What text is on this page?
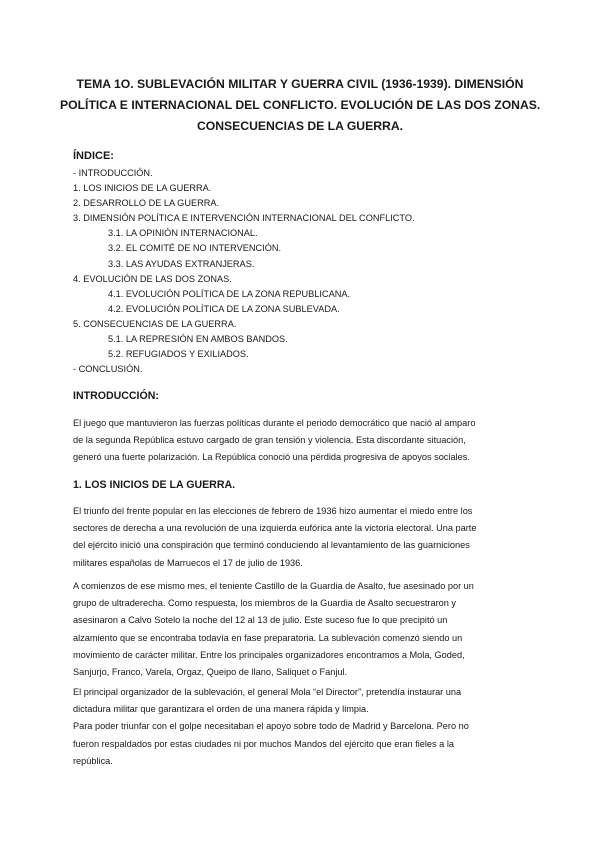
TEMA 1O. SUBLEVACIÓN MILITAR Y GUERRA CIVIL (1936-1939). DIMENSIÓN
POLÍTICA E INTERNACIONAL DEL CONFLICTO. EVOLUCIÓN DE LAS DOS ZONAS.
CONSECUENCIAS DE LA GUERRA.
ÍNDICE:
- INTRODUCCIÓN.
1. LOS INICIOS DE LA GUERRA.
2. DESARROLLO DE LA GUERRA.
3. DIMENSIÓN POLÍTICA E INTERVENCIÓN INTERNACIONAL DEL CONFLICTO.
3.1. LA OPINIÓN INTERNACIONAL.
3.2. EL COMITÉ DE NO INTERVENCIÓN.
3.3. LAS AYUDAS EXTRANJERAS.
4. EVOLUCIÓN DE LAS DOS ZONAS.
4.1. EVOLUCIÓN POLÍTICA DE LA ZONA REPUBLICANA.
4.2. EVOLUCIÓN POLÍTICA DE LA ZONA SUBLEVADA.
5. CONSECUENCIAS DE LA GUERRA.
5.1. LA REPRESIÓN EN AMBOS BANDOS.
5.2. REFUGIADOS Y EXILIADOS.
- CONCLUSIÓN.
INTRODUCCIÓN:
El juego que mantuvieron las fuerzas políticas durante el periodo democrático que nació al amparo
de la segunda República estuvo cargado de gran tensión y violencia. Esta discordante situación,
generó una fuerte polarización. La República conoció una pérdida progresiva de apoyos sociales.
1. LOS INICIOS DE LA GUERRA.
El triunfo del frente popular en las elecciones de febrero de 1936 hizo aumentar el miedo entre los
sectores de derecha a una revolución de una izquierda eufórica ante la victoria electoral. Una parte
del ejército inició una conspiración que terminó conduciendo al levantamiento de las guarniciones
militares españolas de Marruecos el 17 de julio de 1936.
A comienzos de ese mismo mes, el teniente Castillo de la Guardia de Asalto, fue asesinado por un
grupo de ultraderecha. Como respuesta, los miembros de la Guardia de Asalto secuestraron y
asesinaron a Calvo Sotelo la noche del 12 al 13 de julio. Este suceso fue lo que precipitó un
alzamiento que se encontraba todavía en fase preparatoria. La sublevación comenzó siendo un
movimiento de carácter militar. Entre los principales organizadores encontramos a Mola, Goded,
Sanjurjo, Franco, Varela, Orgaz, Queipo de llano, Saliquet o Fanjul.
El principal organizador de la sublevación, el general Mola “el Director”, pretendía instaurar una
dictadura militar que garantizara el orden de una manera rápida y limpia.
Para poder triunfar con el golpe necesitaban el apoyo sobre todo de Madrid y Barcelona. Pero no
fueron respaldados por estas ciudades ni por muchos Mandos del ejército que eran fieles a la
república.
